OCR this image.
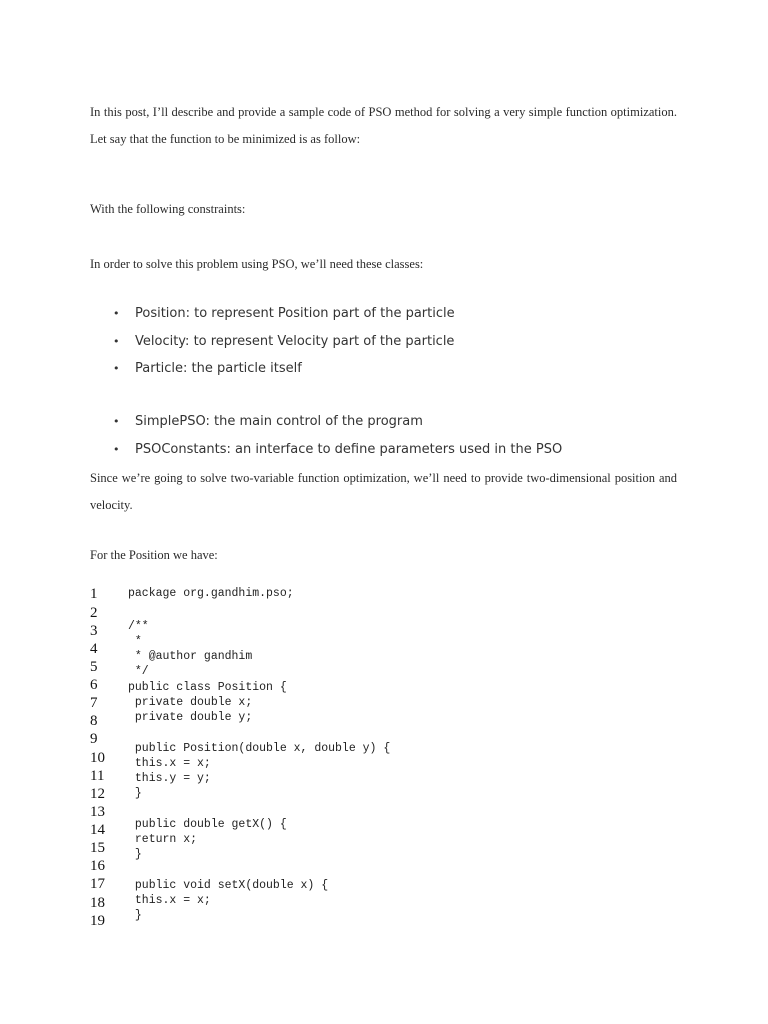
In this post, I’ll describe and provide a sample code of PSO method for solving a very simple function optimization. Let say that the function to be minimized is as follow:

With the following constraints:

In order to solve this problem using PSO, we’ll need these classes:

• Position: to represent Position part of the particle
• Velocity: to represent Velocity part of the particle
• Particle: the particle itself
• SimplePSO: the main control of the program
• PSOConstants: an interface to define parameters used in the PSO

Since we’re going to solve two-variable function optimization, we’ll need to provide two-dimensional position and velocity.

For the Position we have:

1
2
3
4
5
6
7
8
9
10
11
12
13
14
15
16
17
18
19
package org.gandhim.pso;
/**
*
* @author gandhim
*/
public class Position {
private double x;
private double y;
public Position(double x, double y) {
this.x = x;
this.y = y;
}
public double getX() {
return x;
}
public void setX(double x) {
this.x = x;
}
